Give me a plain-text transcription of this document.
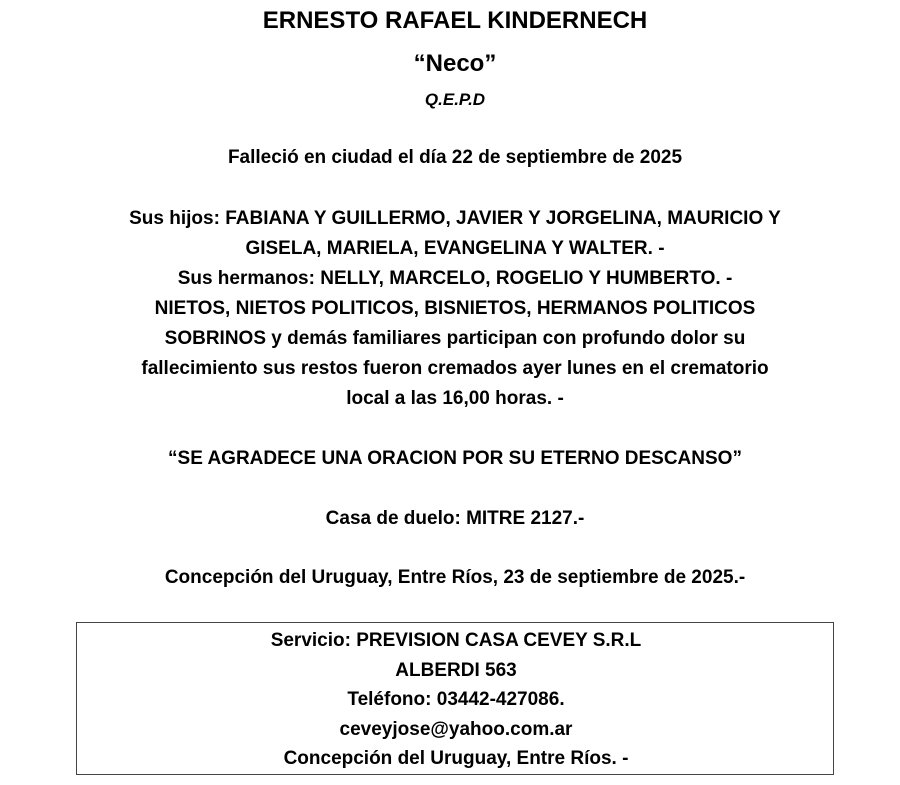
ERNESTO RAFAEL KINDERNECH
“Neco”
Q.E.P.D
Falleció en ciudad el día 22 de septiembre de 2025
Sus hijos: FABIANA Y GUILLERMO, JAVIER Y JORGELINA, MAURICIO Y
GISELA, MARIELA, EVANGELINA Y WALTER. -
Sus hermanos: NELLY, MARCELO, ROGELIO Y HUMBERTO. -
NIETOS, NIETOS POLITICOS, BISNIETOS, HERMANOS POLITICOS
SOBRINOS y demás familiares participan con profundo dolor su
fallecimiento sus restos fueron cremados ayer lunes en el crematorio
local a las 16,00 horas. -
“SE AGRADECE UNA ORACION POR SU ETERNO DESCANSO”
Casa de duelo: MITRE 2127.-
Concepción del Uruguay, Entre Ríos, 23 de septiembre de 2025.-
Servicio: PREVISION CASA CEVEY S.R.L
ALBERDI 563
Teléfono: 03442-427086.
ceveyjose@yahoo.com.ar
Concepción del Uruguay, Entre Ríos. -
